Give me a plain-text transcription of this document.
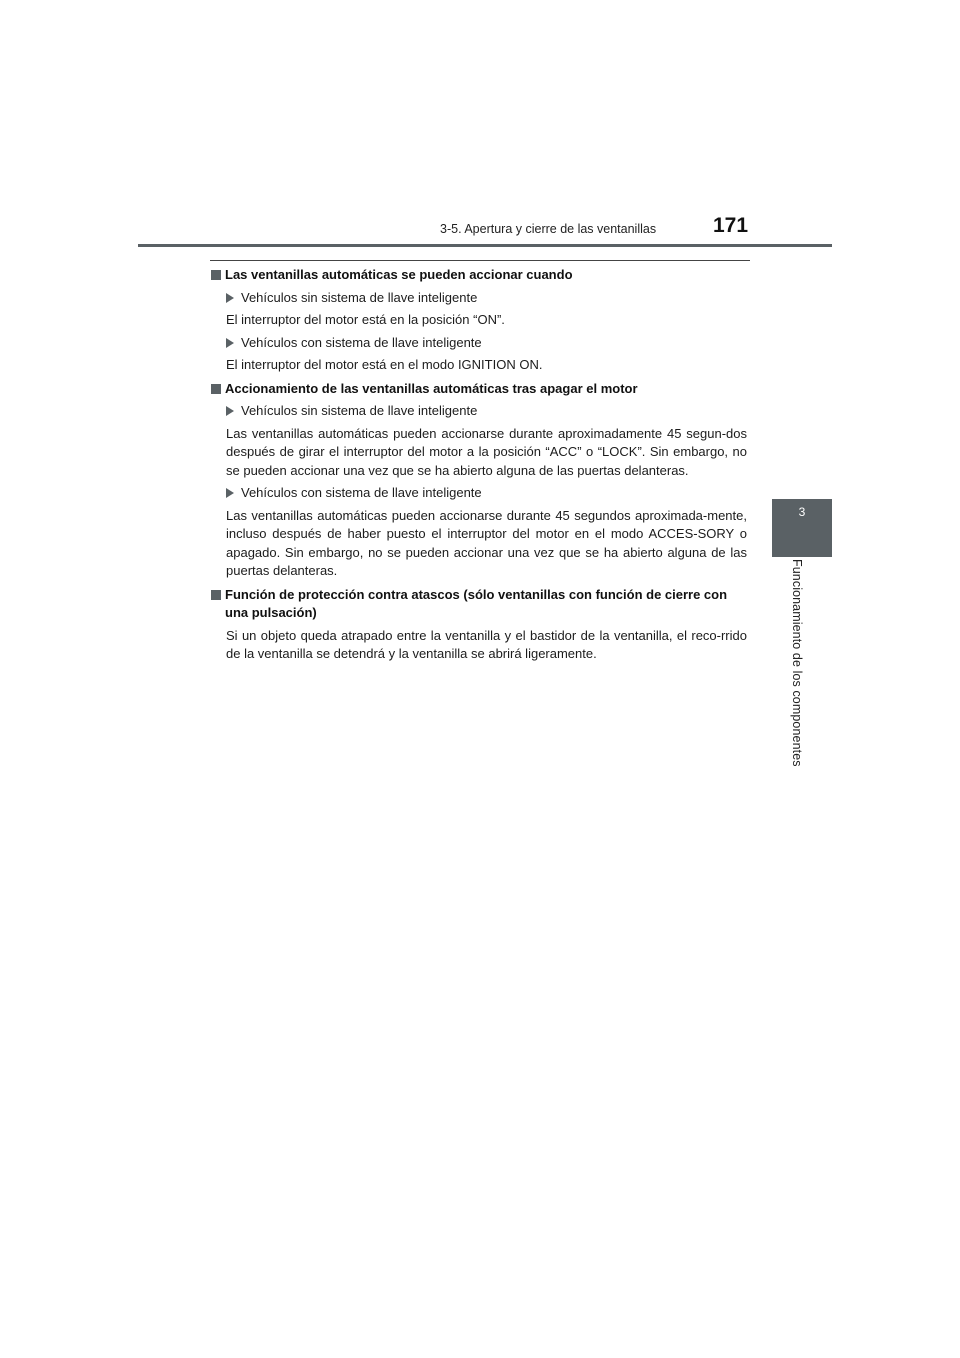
3-5. Apertura y cierre de las ventanillas	171
3
Funcionamiento de los componentes

Las ventanillas automáticas se pueden accionar cuando

Vehículos sin sistema de llave inteligente
El interruptor del motor está en la posición “ON”.
Vehículos con sistema de llave inteligente
El interruptor del motor está en el modo IGNITION ON.

Accionamiento de las ventanillas automáticas tras apagar el motor

Vehículos sin sistema de llave inteligente
Las ventanillas automáticas pueden accionarse durante aproximadamente 45 segun-dos después de girar el interruptor del motor a la posición “ACC” o “LOCK”. Sin embargo, no se pueden accionar una vez que se ha abierto alguna de las puertas delanteras.
Vehículos con sistema de llave inteligente
Las ventanillas automáticas pueden accionarse durante 45 segundos aproximada-mente, incluso después de haber puesto el interruptor del motor en el modo ACCES-SORY o apagado. Sin embargo, no se pueden accionar una vez que se ha abierto alguna de las puertas delanteras.

Función de protección contra atascos (sólo ventanillas con función de cierre con una pulsación)

Si un objeto queda atrapado entre la ventanilla y el bastidor de la ventanilla, el reco-rrido de la ventanilla se detendrá y la ventanilla se abrirá ligeramente.
